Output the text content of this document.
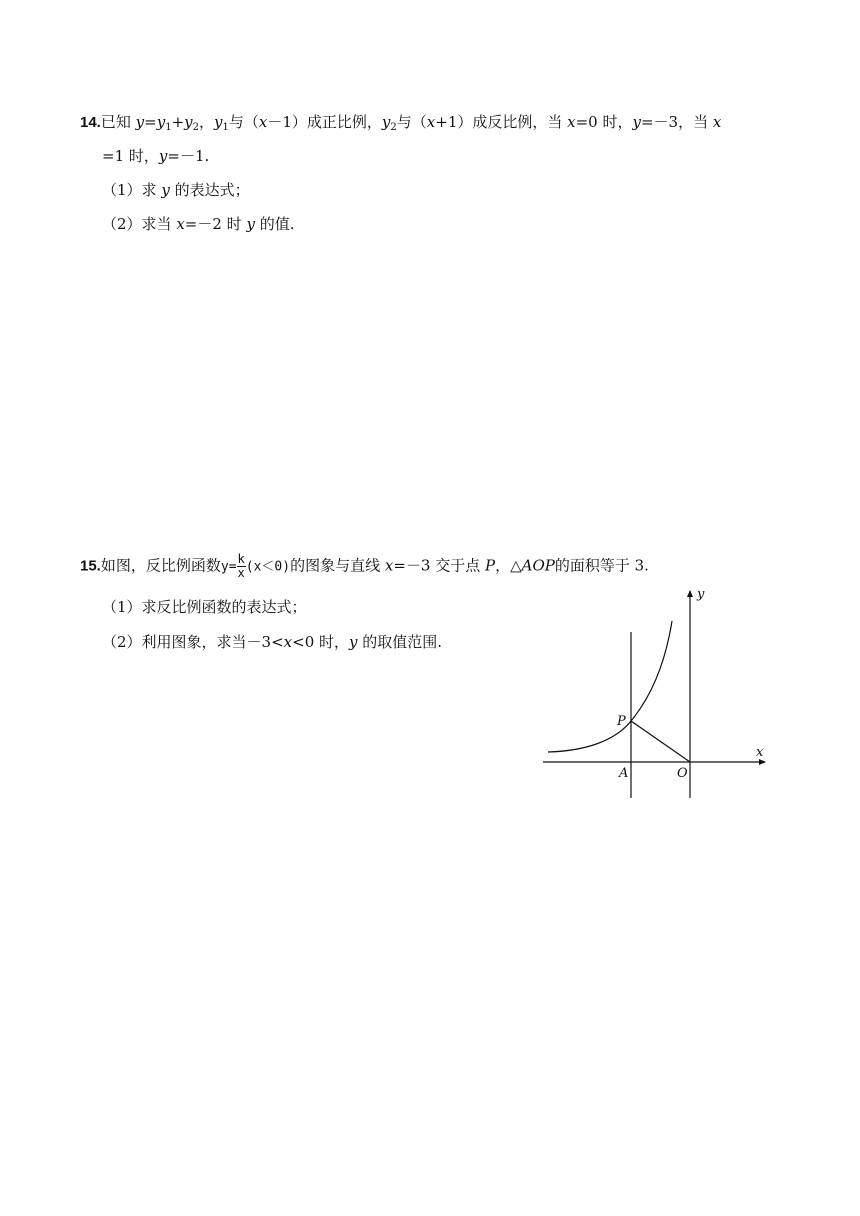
14.已知 $y=y_1+y_2$，$y_1$与（x－1）成正比例，$y_2$与（x+1）成反比例，当 x=0 时，y=－3，当 x
=1 时，y=－1.
（1）求 y 的表达式；
（2）求当 x=－2 时 y 的值.
15.如图，反比例函数$y= \frac{k}{x} (x<0)$的图象与直线 x=－3 交于点 P，△AOP的面积等于 3.
（1）求反比例函数的表达式；
（2）利用图象，求当－3<x<0 时，y 的取值范围.
y
x
P
A	O
